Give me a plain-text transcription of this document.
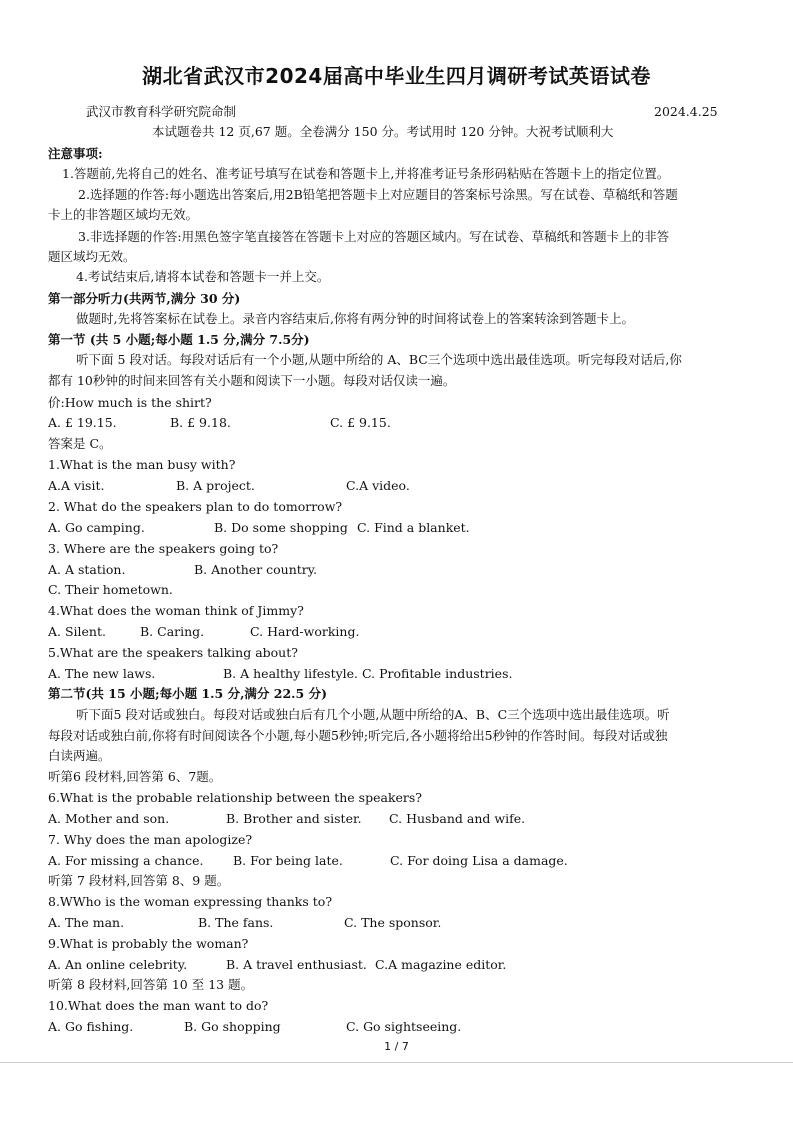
湖北省武汉市2024届高中毕业生四月调研考试英语试卷
武汉市教育科学研究院命制	2024.4.25
本试题卷共 12 页,67 题。全卷满分 150 分。考试用时 120 分钟。大祝考试顺利大
注意事项:
1.答题前,先将自己的姓名、准考证号填写在试卷和答题卡上,并将准考证号条形码粘贴在答题卡上的指定位置。
2.选择题的作答:每小题选出答案后,用2B铅笔把答题卡上对应题目的答案标号涂黑。写在试卷、草稿纸和答题
卡上的非答题区域均无效。
3.非选择题的作答:用黑色签字笔直接答在答题卡上对应的答题区域内。写在试卷、草稿纸和答题卡上的非答
题区域均无效。
4.考试结束后,请将本试卷和答题卡一并上交。
第一部分听力(共两节,满分 30 分)
做题时,先将答案标在试卷上。录音内容结束后,你将有两分钟的时间将试卷上的答案转涂到答题卡上。
第一节 (共 5 小题;每小题 1.5 分,满分 7.5分)
听下面 5 段对话。每段对话后有一个小题,从题中所给的 A、BC三个选项中选出最佳选项。听完每段对话后,你
都有 10秒钟的时间来回答有关小题和阅读下一小题。每段对话仅读一遍。
价:How much is the shirt?
A. £ 19.15.	B. £ 9.18.	C. £ 9.15.
答案是 C。
1.What is the man busy with?
A.A visit.	B. A project.	C.A video.
2. What do the speakers plan to do tomorrow?
A. Go camping.	B. Do some shopping C. Find a blanket.
3. Where are the speakers going to?
A. A station.	B. Another country.
C. Their hometown.
4.What does the woman think of Jimmy?
A. Silent.	B. Caring.	C. Hard-working.
5.What are the speakers talking about?
A. The new laws.	B. A healthy lifestyle. C. Profitable industries.
第二节(共 15 小题;每小题 1.5 分,满分 22.5 分)
听下面5 段对话或独白。每段对话或独白后有几个小题,从题中所给的A、B、C三个选项中选出最佳选项。听
每段对话或独白前,你将有时间阅读各个小题,每小题5秒钟;听完后,各小题将给出5秒钟的作答时间。每段对话或独
白读两遍。
听第6 段材料,回答第 6、7题。
6.What is the probable relationship between the speakers?
A. Mother and son.	B. Brother and sister. C. Husband and wife.
7. Why does the man apologize?
A. For missing a chance. B. For being late.	C. For doing Lisa a damage.
听第 7 段材料,回答第 8、9 题。
8.WWho is the woman expressing thanks to?
A. The man.	B. The fans.	C. The sponsor.
9.What is probably the woman?
A. An online celebrity.	B. A travel enthusiast. C.A magazine editor.
听第 8 段材料,回答第 10 至 13 题。
10.What does the man want to do?
A. Go fishing.	B. Go shopping	C. Go sightseeing.
1 / 7
